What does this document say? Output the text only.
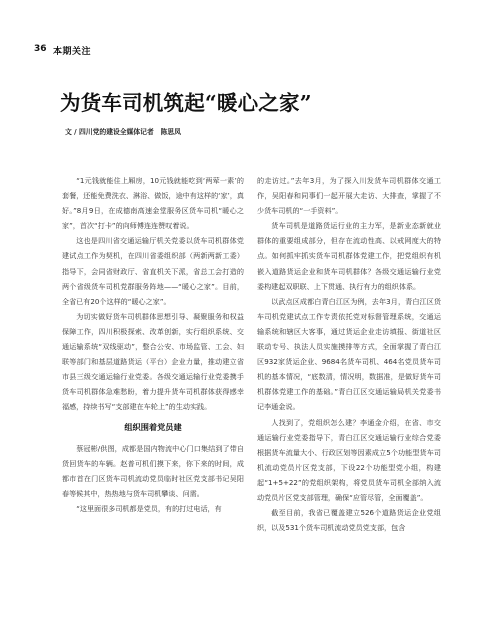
36 本期关注
为货车司机筑起“暖心之家”
文 / 四川党的建设全媒体记者　陈思凤

“1元钱就能住上厢房，10元钱就能吃到‘两荤一素’的套餐，还能免费洗衣、淋浴、做饭，途中有这样的‘家’，真好。”8月9日，在成德南高速金堂服务区货车司机“暖心之家”，首次“打卡”的向师傅连连赞叹着说。

这也是四川省交通运输厅机关党委以货车司机群体党建试点工作为契机，在四川省委组织部（两新两新工委）指导下，会同省财政厅、省直机关下派，省总工会打造的两个省级货车司机党群服务阵地——“暖心之家”。目前，全省已有20个这样的“暖心之家”。

为切实做好货车司机群体思想引导、凝聚服务和权益保障工作，四川积极探索、改革创新，实行组织系统、交通运输系统“双线驱动”，整合公安、市场监管、工会、妇联等部门和基层道路货运（平台）企业力量，推动建立省市县三级交通运输行业党委。各级交通运输行业党委携手货车司机群体急难愁盼，着力提升货车司机群体获得感幸福感，持续书写“支部建在车轮上”的生动实践。

组织围着党员建

蔡冠彬/供图，成都是国内物流中心门口集结到了带自货回货车的车辆。赵普可机们摸下来，你下来的时间，成都市首在门区货车司机流动党员临时社区党支部书记吴阳春等候其中，热热地与货车司机攀谈、问需。

“这里面很多司机都是党员，有的打过电话，有

的走访过。”去年3月，为了探入川发货车司机群体交通工作，吴阳春和同事们一起开展大走访、大排查，掌握了不少货车司机的“一手资料”。

货车司机是道路货运行业的主力军，是新业态新就业群体的重要组成部分，但存在流动性高、以戒网度大的特点。如何抓牢抓实货车司机群体党建工作，把党组织有机嵌入道路货运企业和货车司机群体？各级交通运输行业党委构建起双职联、上下贯通、执行有力的组织体系。

以武点区成都白青白江区为例，去年3月，青白江区货车司机党建试点工作专责依托党对标督管理系统，交通运输系统和辖区大客事，通过货运企业走访填报、街道社区联动专号、执法人员实施摸排等方式，全面掌握了青白江区932家货运企业、9684名货车司机、464名党员货车司机的基本情况，“底数清，情况明，数据准，是做好货车司机群体党建工作的基础。”青白江区交通运输局机关党委书记李通金说。

人找到了，党组织怎么建？李通金介绍，在省、市交通运输行业党委指导下，青白江区交通运输行业综合党委根据货车流量大小、行政区划等因素成立5个功能型货车司机流动党员片区党支部，下设22个功能型党小组，构建起“1+5+22”的党组织架构，将党员货车司机全部纳入流动党员片区党支部管理，确保“应管尽管，全面覆盖”。

截至目前，我省已覆盖建立526个道路货运企业党组织，以及531个货车司机流动党员党支部，包含
